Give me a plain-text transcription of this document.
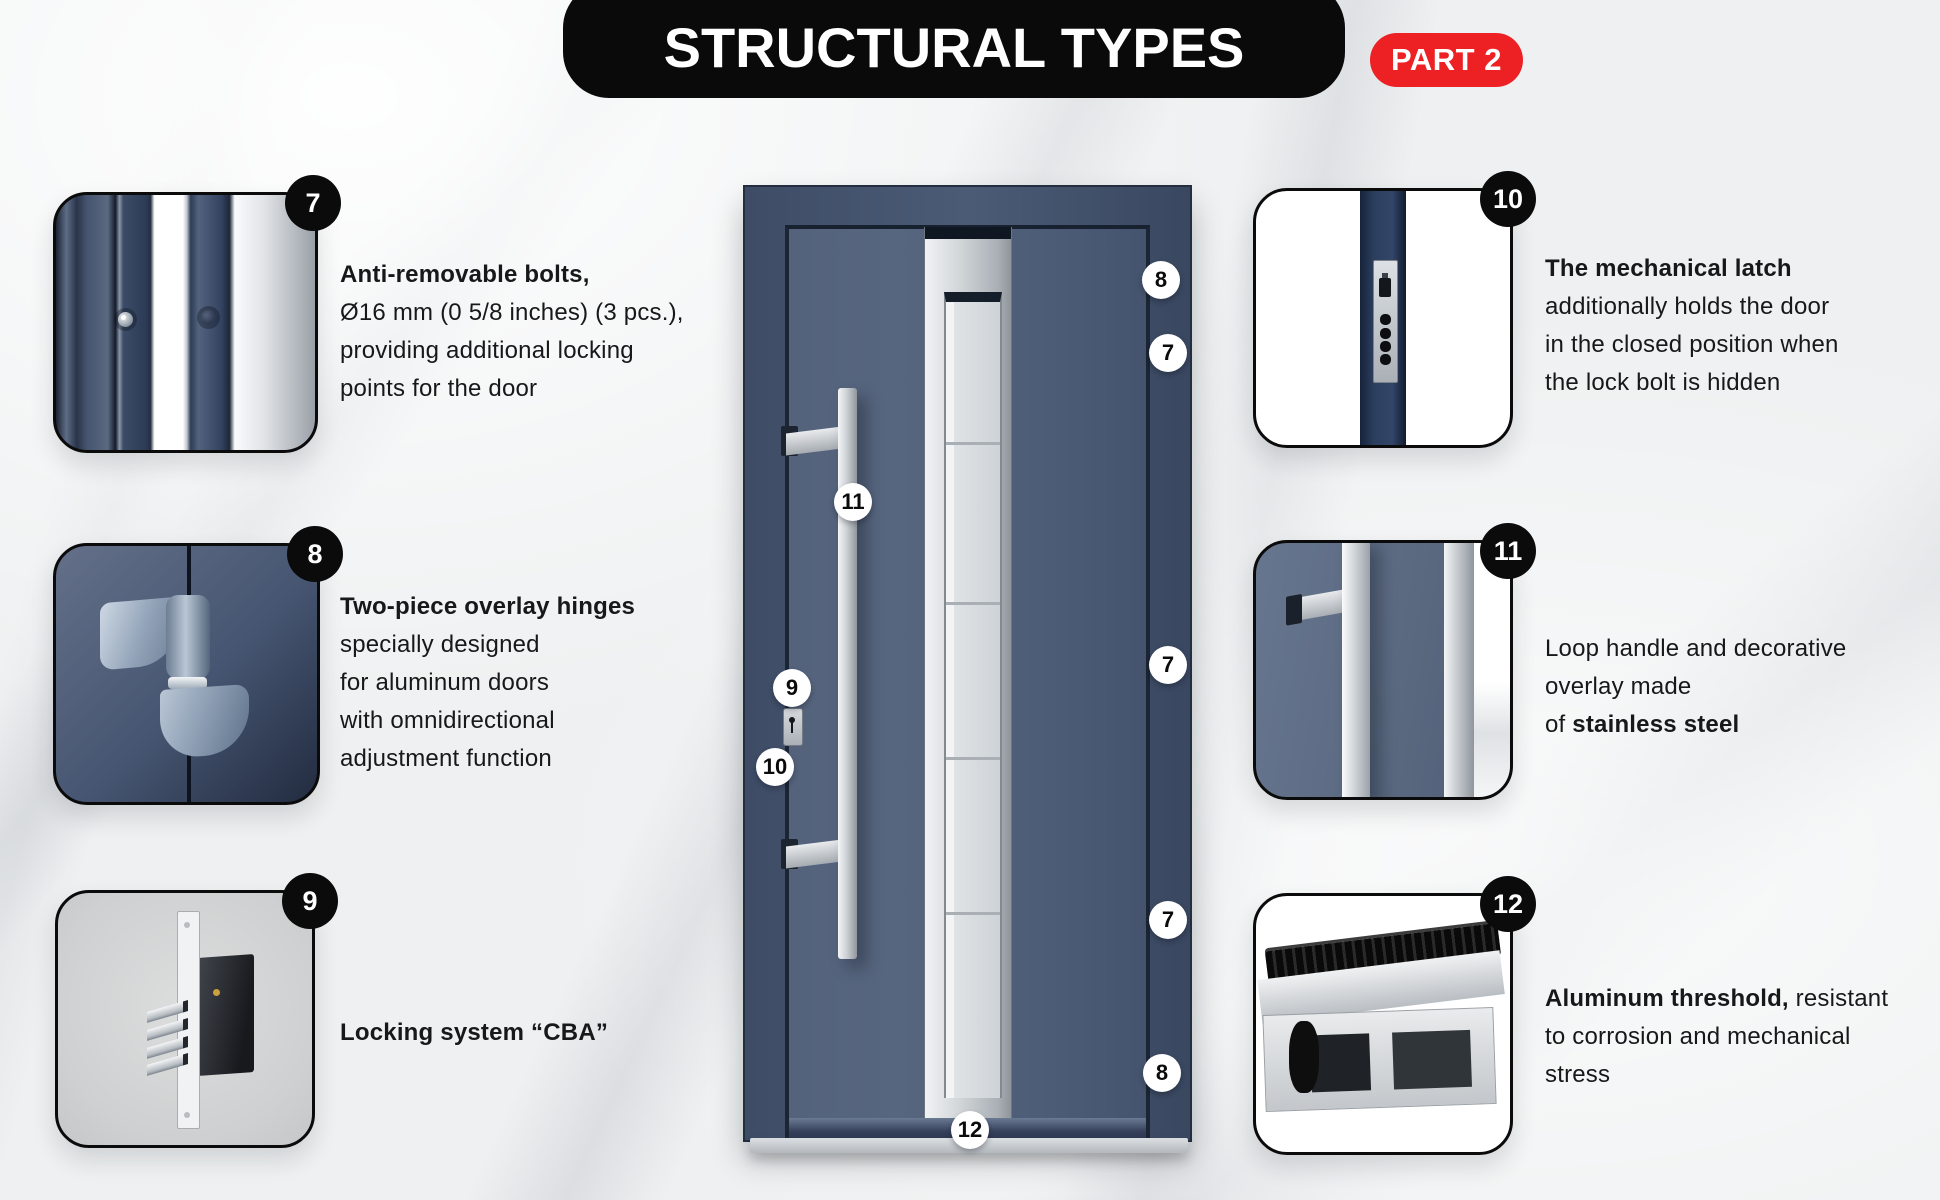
STRUCTURAL TYPES	PART 2
7
Anti-removable bolts,
Ø16 mm (0 5/8 inches) (3 pcs.),
providing additional locking
points for the door
8
Two-piece overlay hinges
specially designed
for aluminum doors
with omnidirectional
adjustment function
9
Locking system “CBA”
10
The mechanical latch
additionally holds the door
in the closed position when
the lock bolt is hidden
11
Loop handle and decorative
overlay made
of stainless steel
12
Aluminum threshold, resistant
to corrosion and mechanical
stress
8
7
11
9
10
7
7
8
12
